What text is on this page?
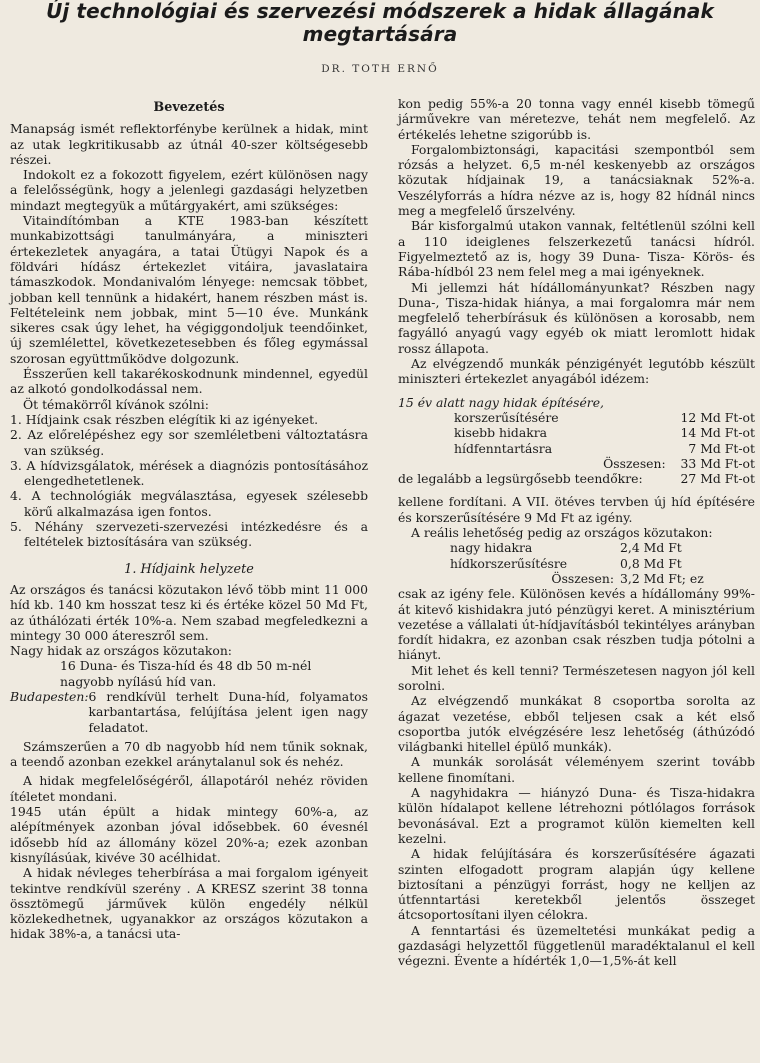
Új technológiai és szervezési módszerek a hidak állagának
megtartására
DR. TOTH ERNŐ
Bevezetés

Manapság ismét reflektorfénybe kerülnek a hidak, mint az utak legkritikusabb az útnál 40-szer költségesebb részei.

Indokolt ez a fokozott figyelem, ezért különösen nagy a felelősségünk, hogy a jelenlegi gazdasági helyzetben mindazt megtegyük a műtárgyakért, ami szükséges:

Vitaindítómban a KTE 1983-ban készített munkabizottsági tanulmányára, a miniszteri értekezletek anyagára, a tatai Ütügyi Napok és a földvári hídász értekezlet vitáira, javaslataira támaszkodok. Mondanivalóm lényege: nemcsak többet, jobban kell tennünk a hidakért, hanem részben mást is. Feltételeink nem jobbak, mint 5—10 éve. Munkánk sikeres csak úgy lehet, ha végiggondoljuk teendőinket, új szemlélettel, következetesebben és főleg egymással szorosan együttműködve dolgozunk.

Ésszerűen kell takarékoskodnunk mindennel, egyedül az alkotó gondolkodással nem.

Öt témakörről kívánok szólni:

1. Hídjaink csak részben elégítik ki az igényeket.

2. Az előrelépéshez egy sor szemléletbeni változtatásra van szükség.

3. A hídvizsgálatok, mérések a diagnózis pontosításához elengedhetetlenek.

4. A technológiák megválasztása, egyesek szélesebb körű alkalmazása igen fontos.

5. Néhány szervezeti-szervezési intézkedésre és a feltételek biztosítására van szükség.

1. Hídjaink helyzete

Az országos és tanácsi közutakon lévő több mint 11 000 híd kb. 140 km hosszat tesz ki és értéke közel 50 Md Ft, az úthálózati érték 10%-a. Nem szabad megfeledkezni a mintegy 30 000 átereszről sem.

Nagy hidak az országos közutakon:

16 Duna- és Tisza-híd és 48 db 50 m-nél nagyobb nyílású híd van.

Budapesten: 6 rendkívül terhelt Duna-híd, folyamatos karbantartása, felújítása jelent igen nagy feladatot.

Számszerűen a 70 db nagyobb híd nem tűnik soknak, a teendő azonban ezekkel aránytalanul sok és nehéz.

A hidak megfelelőségéről, állapotáról nehéz röviden ítéletet mondani.

1945 után épült a hidak mintegy 60%-a, az alépítmények azonban jóval idősebbek. 60 évesnél idősebb híd az állomány közel 20%-a; ezek azonban kisnyílásúak, kivéve 30 acélhidat.

A hidak névleges teherbírása a mai forgalom igényeit tekintve rendkívül szerény . A KRESZ szerint 38 tonna össztömegű járművek külön engedély nélkül közlekedhetnek, ugyanakkor az országos közutakon a hidak 38%-a, a tanácsi uta-

kon pedig 55%-a 20 tonna vagy ennél kisebb tömegű járművekre van méretezve, tehát nem megfelelő. Az értékelés lehetne szigorúbb is.

Forgalombiztonsági, kapacitási szempontból sem rózsás a helyzet. 6,5 m-nél keskenyebb az országos közutak hídjainak 19, a tanácsiaknak 52%-a. Veszélyforrás a hídra nézve az is, hogy 82 hídnál nincs meg a megfelelő űrszelvény.

Bár kisforgalmú utakon vannak, feltétlenül szólni kell a 110 ideiglenes felszerkezetű tanácsi hídról. Figyelmeztető az is, hogy 39 Duna- Tisza- Körös- és Rába-hídból 23 nem felel meg a mai igényeknek.

Mi jellemzi hát hídállományunkat? Részben nagy Duna-, Tisza-hidak hiánya, a mai forgalomra már nem megfelelő teherbírásuk és különösen a korosabb, nem fagyálló anyagú vagy egyéb ok miatt leromlott hidak rossz állapota.

Az elvégzendő munkák pénzigényét legutóbb készült miniszteri értekezlet anyagából idézem:

15 év alatt nagy hidak építésére,	
korszerűsítésére	12 Md Ft-ot
kisebb hidakra	14 Md Ft-ot
hídfenntartásra	7 Md Ft-ot
Összesen:	33 Md Ft-ot
de legalább a legsürgősebb teendőkre:	27 Md Ft-ot

kellene fordítani. A VII. ötéves tervben új híd építésére és korszerűsítésére 9 Md Ft az igény.

A reális lehetőség pedig az országos közutakon:

nagy hidakra	2,4 Md Ft
hídkorszerűsítésre	0,8 Md Ft
Összesen:	3,2 Md Ft; ez

csak az igény fele. Különösen kevés a hídállomány 99%-át kitevő kishidakra jutó pénzügyi keret. A minisztérium vezetése a vállalati út-hídjavításból tekintélyes arányban fordít hidakra, ez azonban csak részben tudja pótolni a hiányt.

Mit lehet és kell tenni? Természetesen nagyon jól kell sorolni.

Az elvégzendő munkákat 8 csoportba sorolta az ágazat vezetése, ebből teljesen csak a két első csoportba jutók elvégzésére lesz lehetőség (áthúzódó világbanki hitellel épülő munkák).

A munkák sorolását véleményem szerint tovább kellene finomítani.

A nagyhidakra — hiányzó Duna- és Tisza-hidakra külön hídalapot kellene létrehozni pótlólagos források bevonásával. Ezt a programot külön kiemelten kell kezelni.

A hidak felújítására és korszerűsítésére ágazati szinten elfogadott program alapján úgy kellene biztosítani a pénzügyi forrást, hogy ne kelljen az útfenntartási keretekből jelentős összeget átcsoportosítani ilyen célokra.

A fenntartási és üzemeltetési munkákat pedig a gazdasági helyzettől függetlenül maradéktalanul el kell végezni. Évente a hídérték 1,0—1,5%-át kell
